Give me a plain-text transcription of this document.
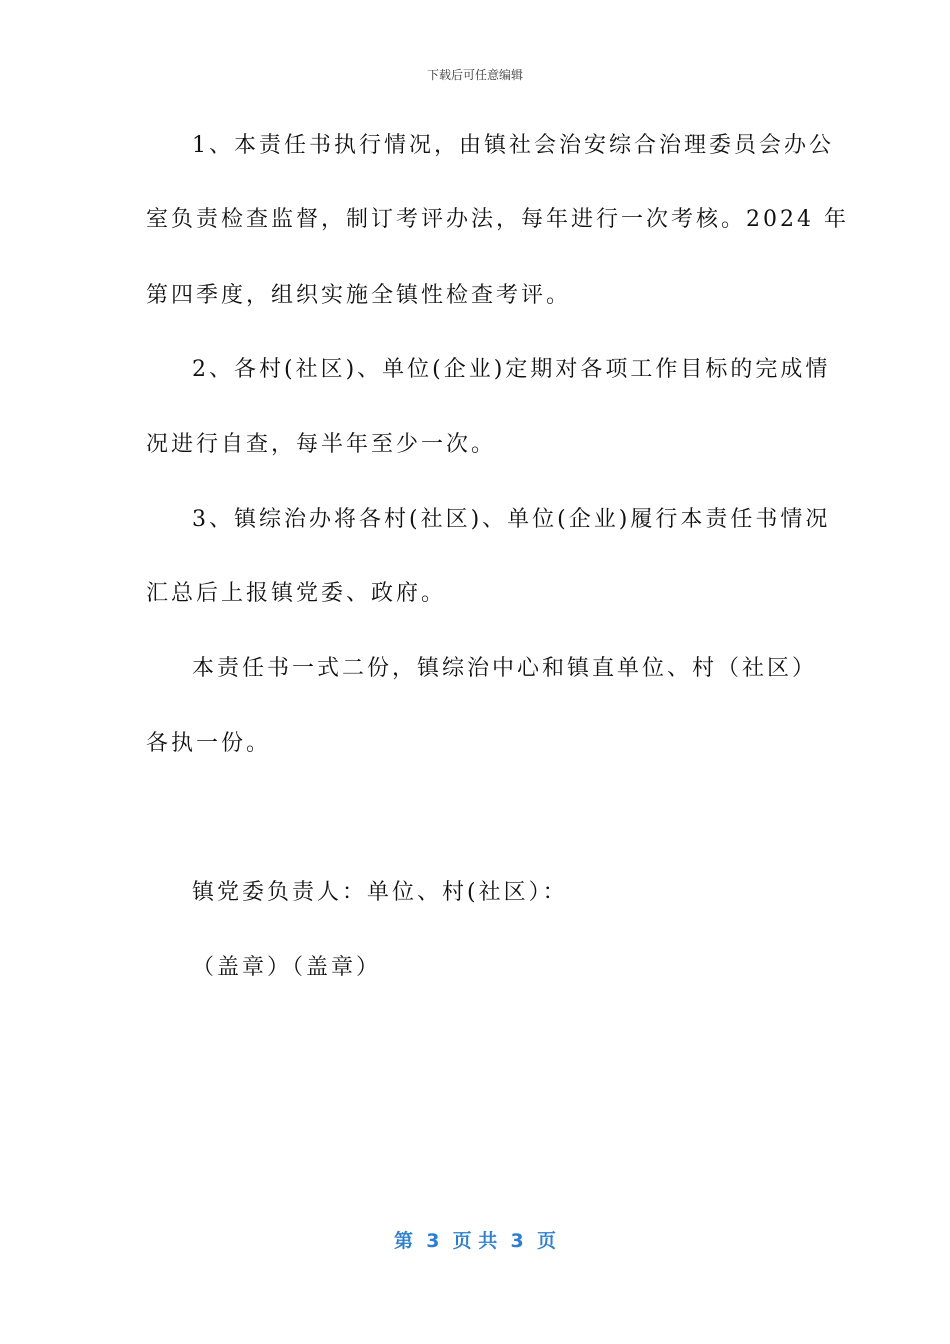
下载后可任意编辑
1、本责任书执行情况，由镇社会治安综合治理委员会办公
室负责检查监督，制订考评办法，每年进行一次考核。2024 年
第四季度，组织实施全镇性检查考评。
2、各村(社区)、单位(企业)定期对各项工作目标的完成情
况进行自查，每半年至少一次。
3、镇综治办将各村(社区)、单位(企业)履行本责任书情况
汇总后上报镇党委、政府。
本责任书一式二份，镇综治中心和镇直单位、村（社区）
各执一份。
镇党委负责人：单位、村(社区）：
（盖章）（盖章）
第  3  页 共  3  页
